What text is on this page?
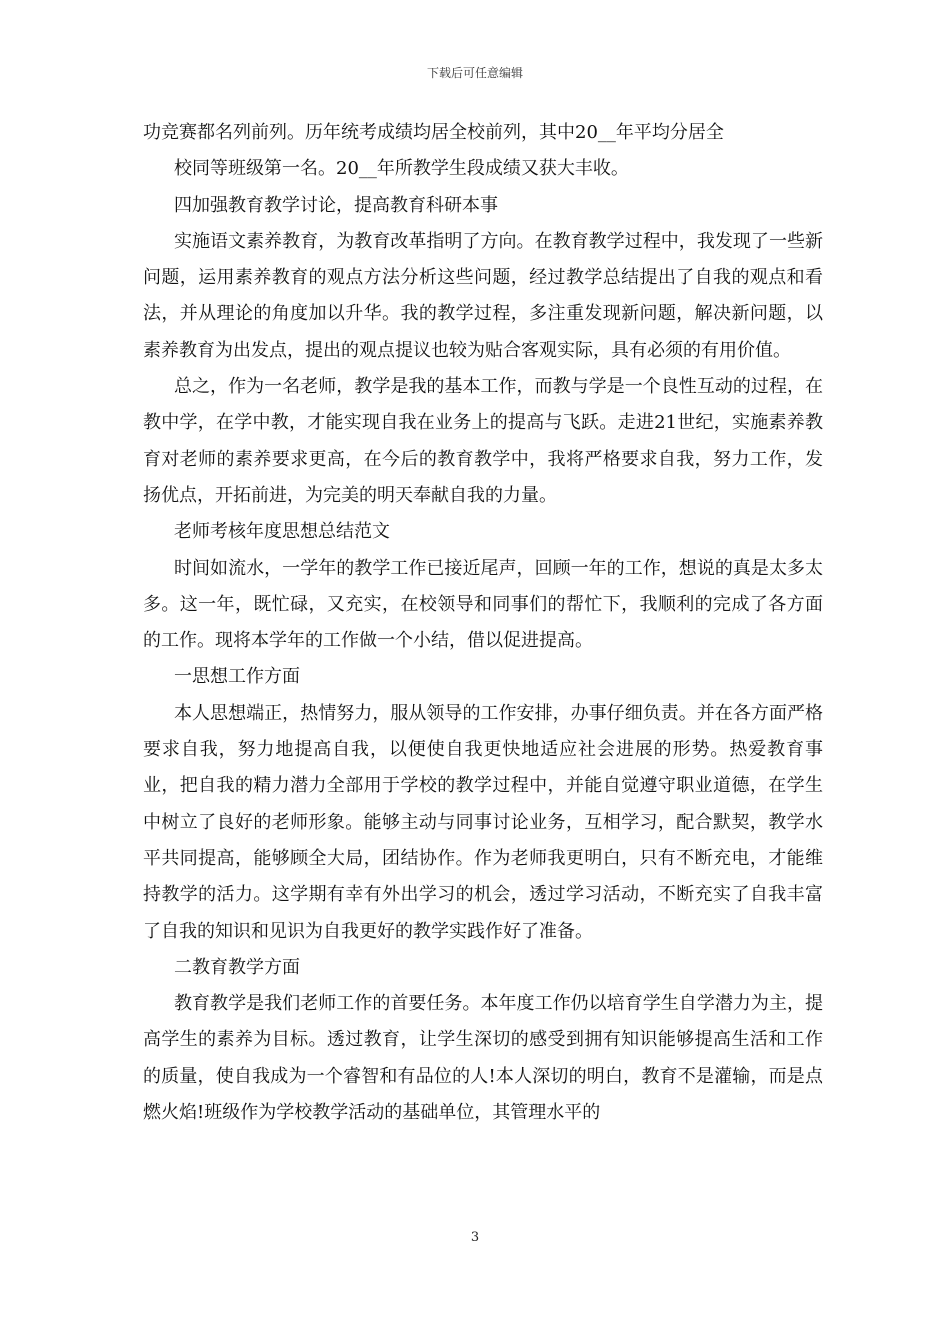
下载后可任意编辑

功竞赛都名列前列。历年统考成绩均居全校前列，其中20__年平均分居全

校同等班级第一名。20__年所教学生段成绩又获大丰收。

四加强教育教学讨论，提高教育科研本事

实施语文素养教育，为教育改革指明了方向。在教育教学过程中，我发现了一些新问题，运用素养教育的观点方法分析这些问题，经过教学总结提出了自我的观点和看法，并从理论的角度加以升华。我的教学过程，多注重发现新问题，解决新问题，以素养教育为出发点，提出的观点提议也较为贴合客观实际，具有必须的有用价值。

总之，作为一名老师，教学是我的基本工作，而教与学是一个良性互动的过程，在教中学，在学中教，才能实现自我在业务上的提高与飞跃。走进21世纪，实施素养教育对老师的素养要求更高，在今后的教育教学中，我将严格要求自我，努力工作，发扬优点，开拓前进，为完美的明天奉献自我的力量。

老师考核年度思想总结范文

时间如流水，一学年的教学工作已接近尾声，回顾一年的工作，想说的真是太多太多。这一年，既忙碌，又充实，在校领导和同事们的帮忙下，我顺利的完成了各方面的工作。现将本学年的工作做一个小结，借以促进提高。

一思想工作方面

本人思想端正，热情努力，服从领导的工作安排，办事仔细负责。并在各方面严格要求自我，努力地提高自我，以便使自我更快地适应社会进展的形势。热爱教育事业，把自我的精力潜力全部用于学校的教学过程中，并能自觉遵守职业道德，在学生中树立了良好的老师形象。能够主动与同事讨论业务，互相学习，配合默契，教学水平共同提高，能够顾全大局，团结协作。作为老师我更明白，只有不断充电，才能维持教学的活力。这学期有幸有外出学习的机会，透过学习活动，不断充实了自我丰富了自我的知识和见识为自我更好的教学实践作好了准备。

二教育教学方面

教育教学是我们老师工作的首要任务。本年度工作仍以培育学生自学潜力为主，提高学生的素养为目标。透过教育，让学生深切的感受到拥有知识能够提高生活和工作的质量，使自我成为一个睿智和有品位的人!本人深切的明白，教育不是灌输，而是点燃火焰!班级作为学校教学活动的基础单位，其管理水平的

3
